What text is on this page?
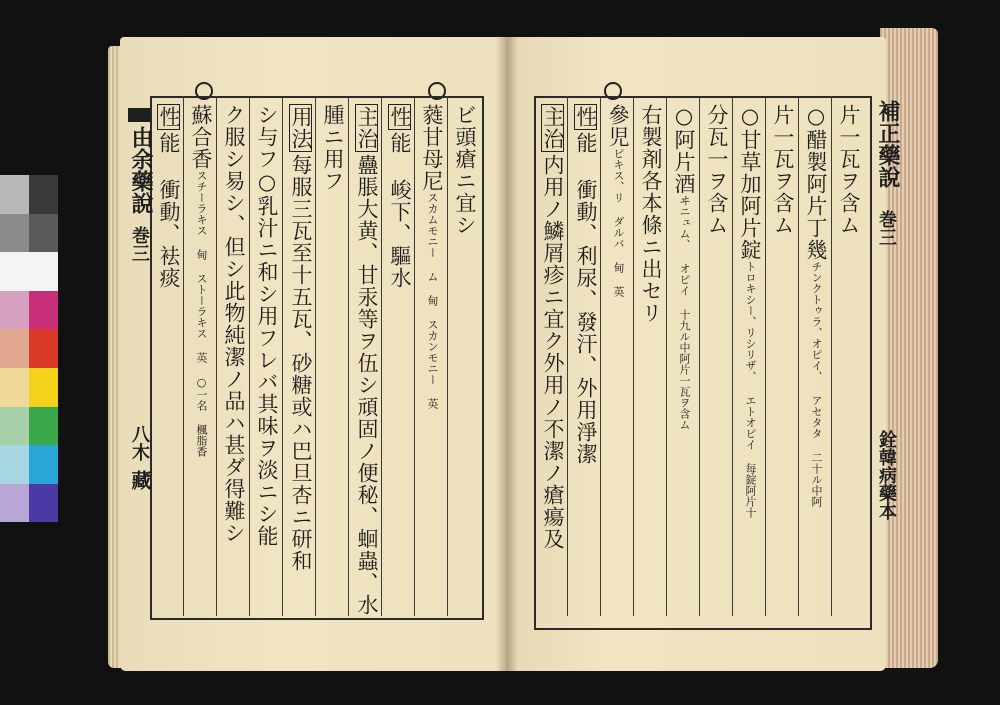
由余藥說
巻三
八木
藏
補正藥說
巻三
銓韓病藥本
ビ頭瘡ニ宜シ
蕤甘母尼スカムモニー ム 甸 スカンモニー 英
性能 峻下、驅水
主治蠱脹大黄、甘汞等ヲ伍シ頑固ノ便秘、蛔蟲、水
腫ニ用フ
用法每服三瓦至十五瓦、砂糖或ハ巴旦杏ニ研和
シ与フ○乳汁ニ和シ用フレバ其味ヲ淡ニシ能
ク服シ易シ、但シ此物純潔ノ品ハ甚ダ得難シ
蘇合香スチーラキス 甸 ストーラキス 英 ○一名 楓脂香
性能 衝動、袪痰	片一瓦ヲ含ム
○醋製阿片丁幾チンクトゥラ、オピイ、 アセタタ 二十ル中阿
片一瓦ヲ含ム
○甘草加阿片錠トロキシー、リシリザ、 エトオピイ 每錠阿片十
分瓦一ヲ含ム
○阿片酒ヰニュム、 オピイ 十九ル中阿片一瓦ヲ含ム
右製剤各本條ニ出セリ
參児ピキス、リ ダルバ 甸 英
性能 衝動、利尿、發汗、外用淨潔
主治内用ノ鱗屑疹ニ宜ク外用ノ不潔ノ瘡瘍及
